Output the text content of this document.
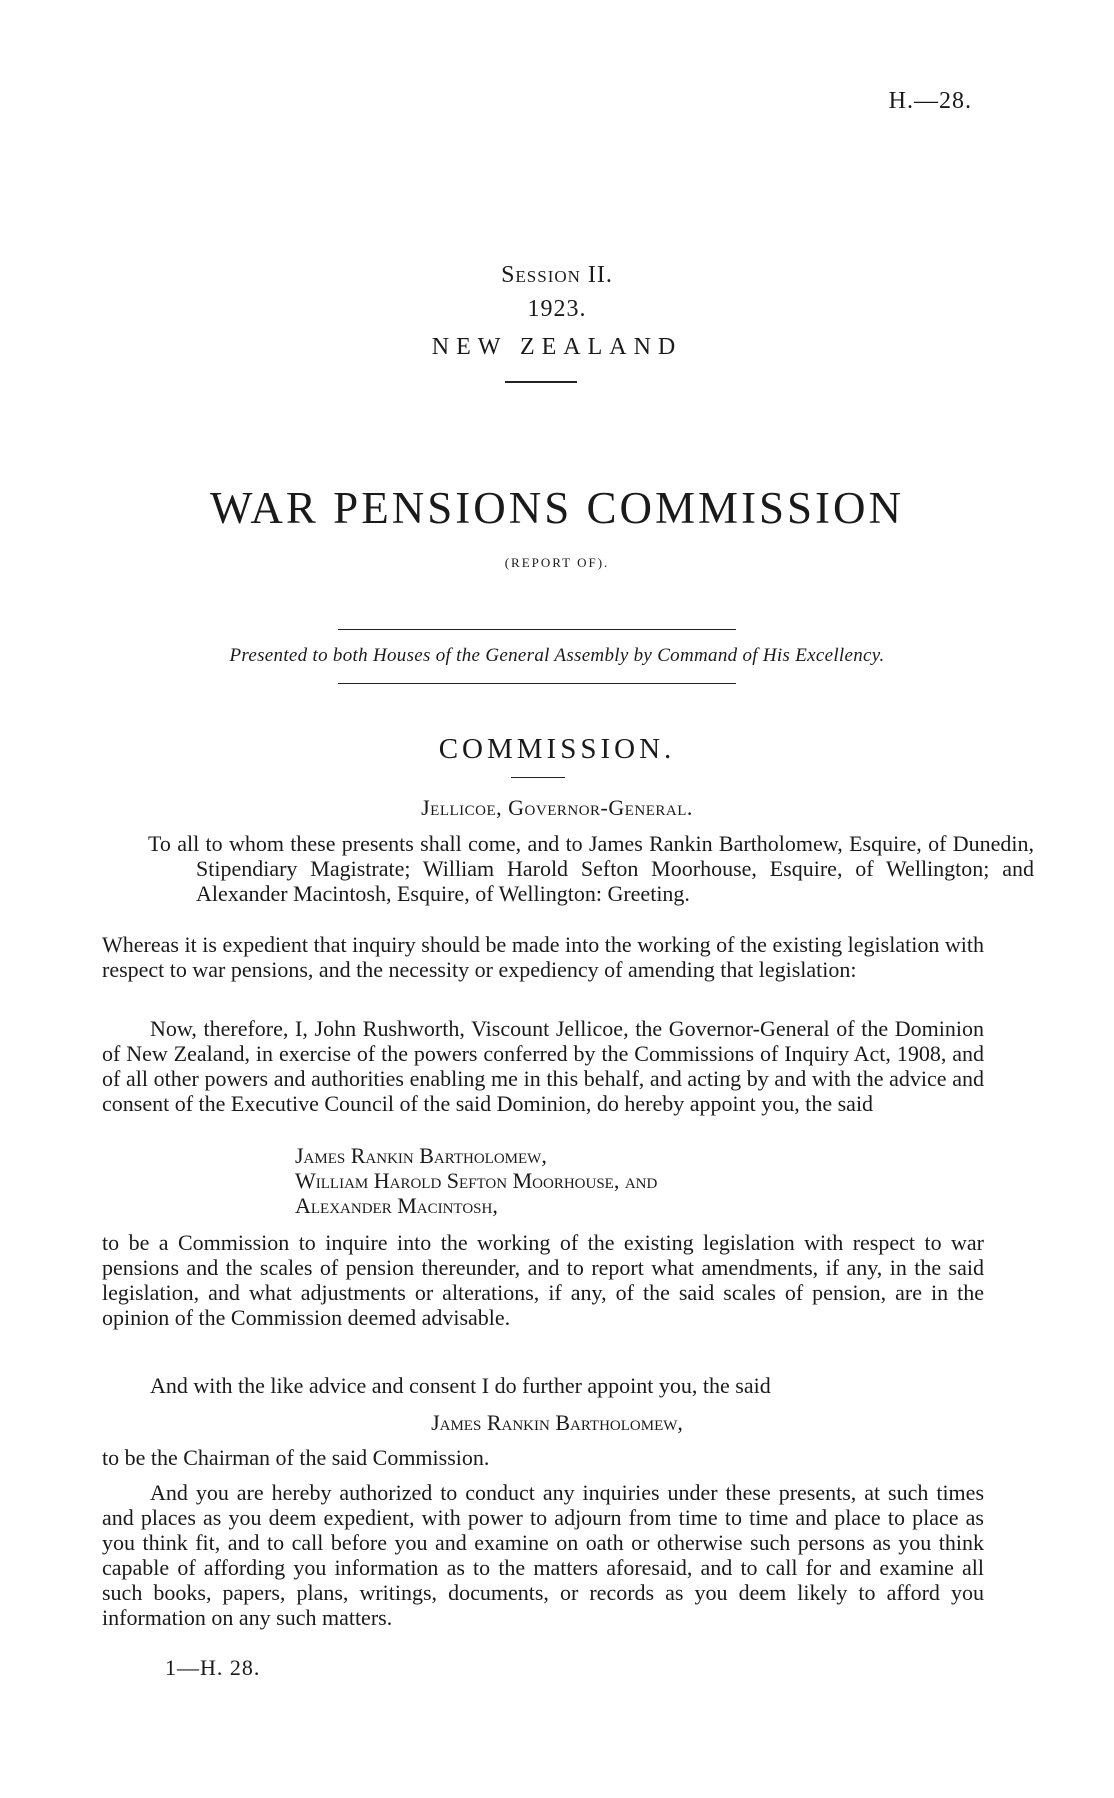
H.—28.
Session II.
1923.
NEW ZEALAND
WAR PENSIONS COMMISSION
(REPORT OF).
Presented to both Houses of the General Assembly by Command of His Excellency.
COMMISSION.
Jellicoe, Governor-General.
To all to whom these presents shall come, and to James Rankin Bartholomew, Esquire, of Dunedin, Stipendiary Magistrate; William Harold Sefton Moorhouse, Esquire, of Wellington; and Alexander Macintosh, Esquire, of Wellington: Greeting.
Whereas it is expedient that inquiry should be made into the working of the existing legislation with respect to war pensions, and the necessity or expediency of amending that legislation:
Now, therefore, I, John Rushworth, Viscount Jellicoe, the Governor-General of the Dominion of New Zealand, in exercise of the powers conferred by the Commissions of Inquiry Act, 1908, and of all other powers and authorities enabling me in this behalf, and acting by and with the advice and consent of the Executive Council of the said Dominion, do hereby appoint you, the said
James Rankin Bartholomew,
William Harold Sefton Moorhouse, and
Alexander Macintosh,
to be a Commission to inquire into the working of the existing legislation with respect to war pensions and the scales of pension thereunder, and to report what amendments, if any, in the said legislation, and what adjustments or alterations, if any, of the said scales of pension, are in the opinion of the Commission deemed advisable.
And with the like advice and consent I do further appoint you, the said
James Rankin Bartholomew,
to be the Chairman of the said Commission.
And you are hereby authorized to conduct any inquiries under these presents, at such times and places as you deem expedient, with power to adjourn from time to time and place to place as you think fit, and to call before you and examine on oath or otherwise such persons as you think capable of affording you information as to the matters aforesaid, and to call for and examine all such books, papers, plans, writings, documents, or records as you deem likely to afford you information on any such matters.
1—H. 28.
